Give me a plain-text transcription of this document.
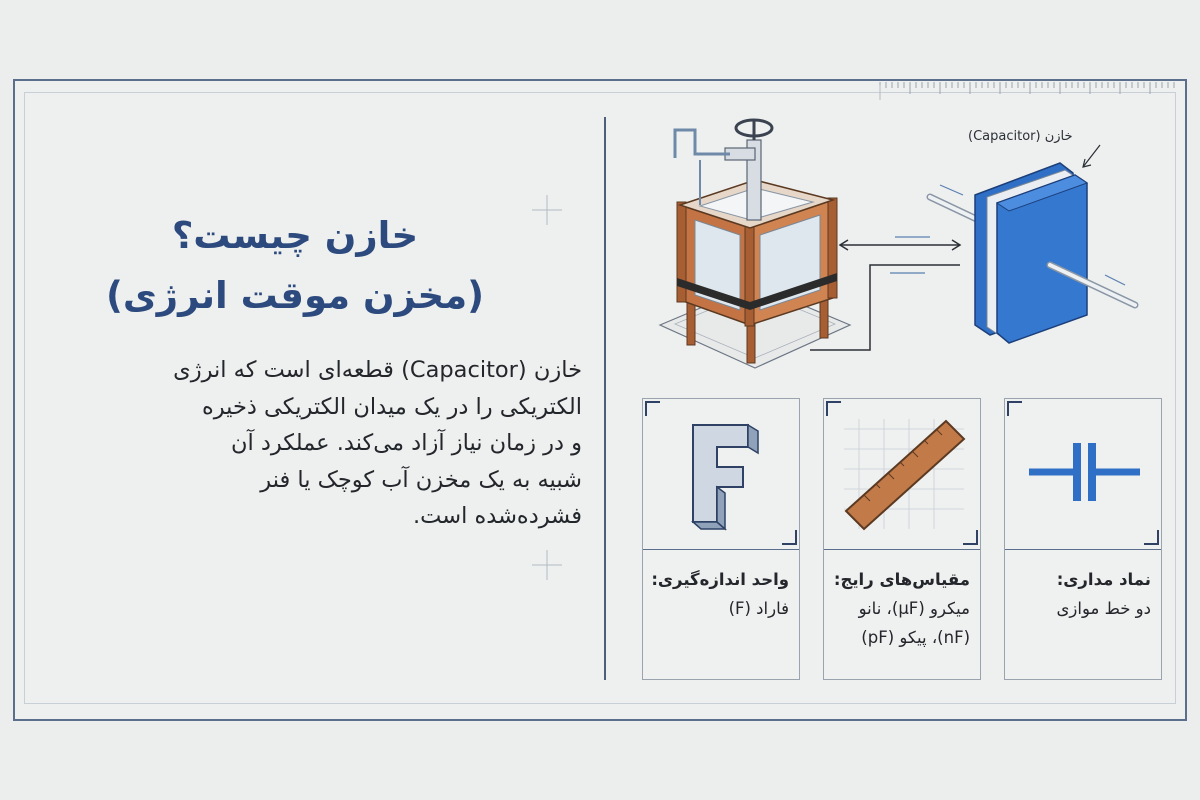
خازن چیست؟
(مخزن موقت انرژی)
خازن (Capacitor) قطعه‌ای است که انرژی
الکتریکی را در یک میدان الکتریکی ذخیره
و در زمان نیاز آزاد می‌کند. عملکرد آن
شبیه به یک مخزن آب کوچک یا فنر
فشرده‌شده است.
(Capacitor) خازن
واحد اندازه‌گیری:
فاراد (F)
مقیاس‌های رایج:
میکرو (μF)، نانو
(nF)، پیکو (pF)
نماد مداری:
دو خط موازی
